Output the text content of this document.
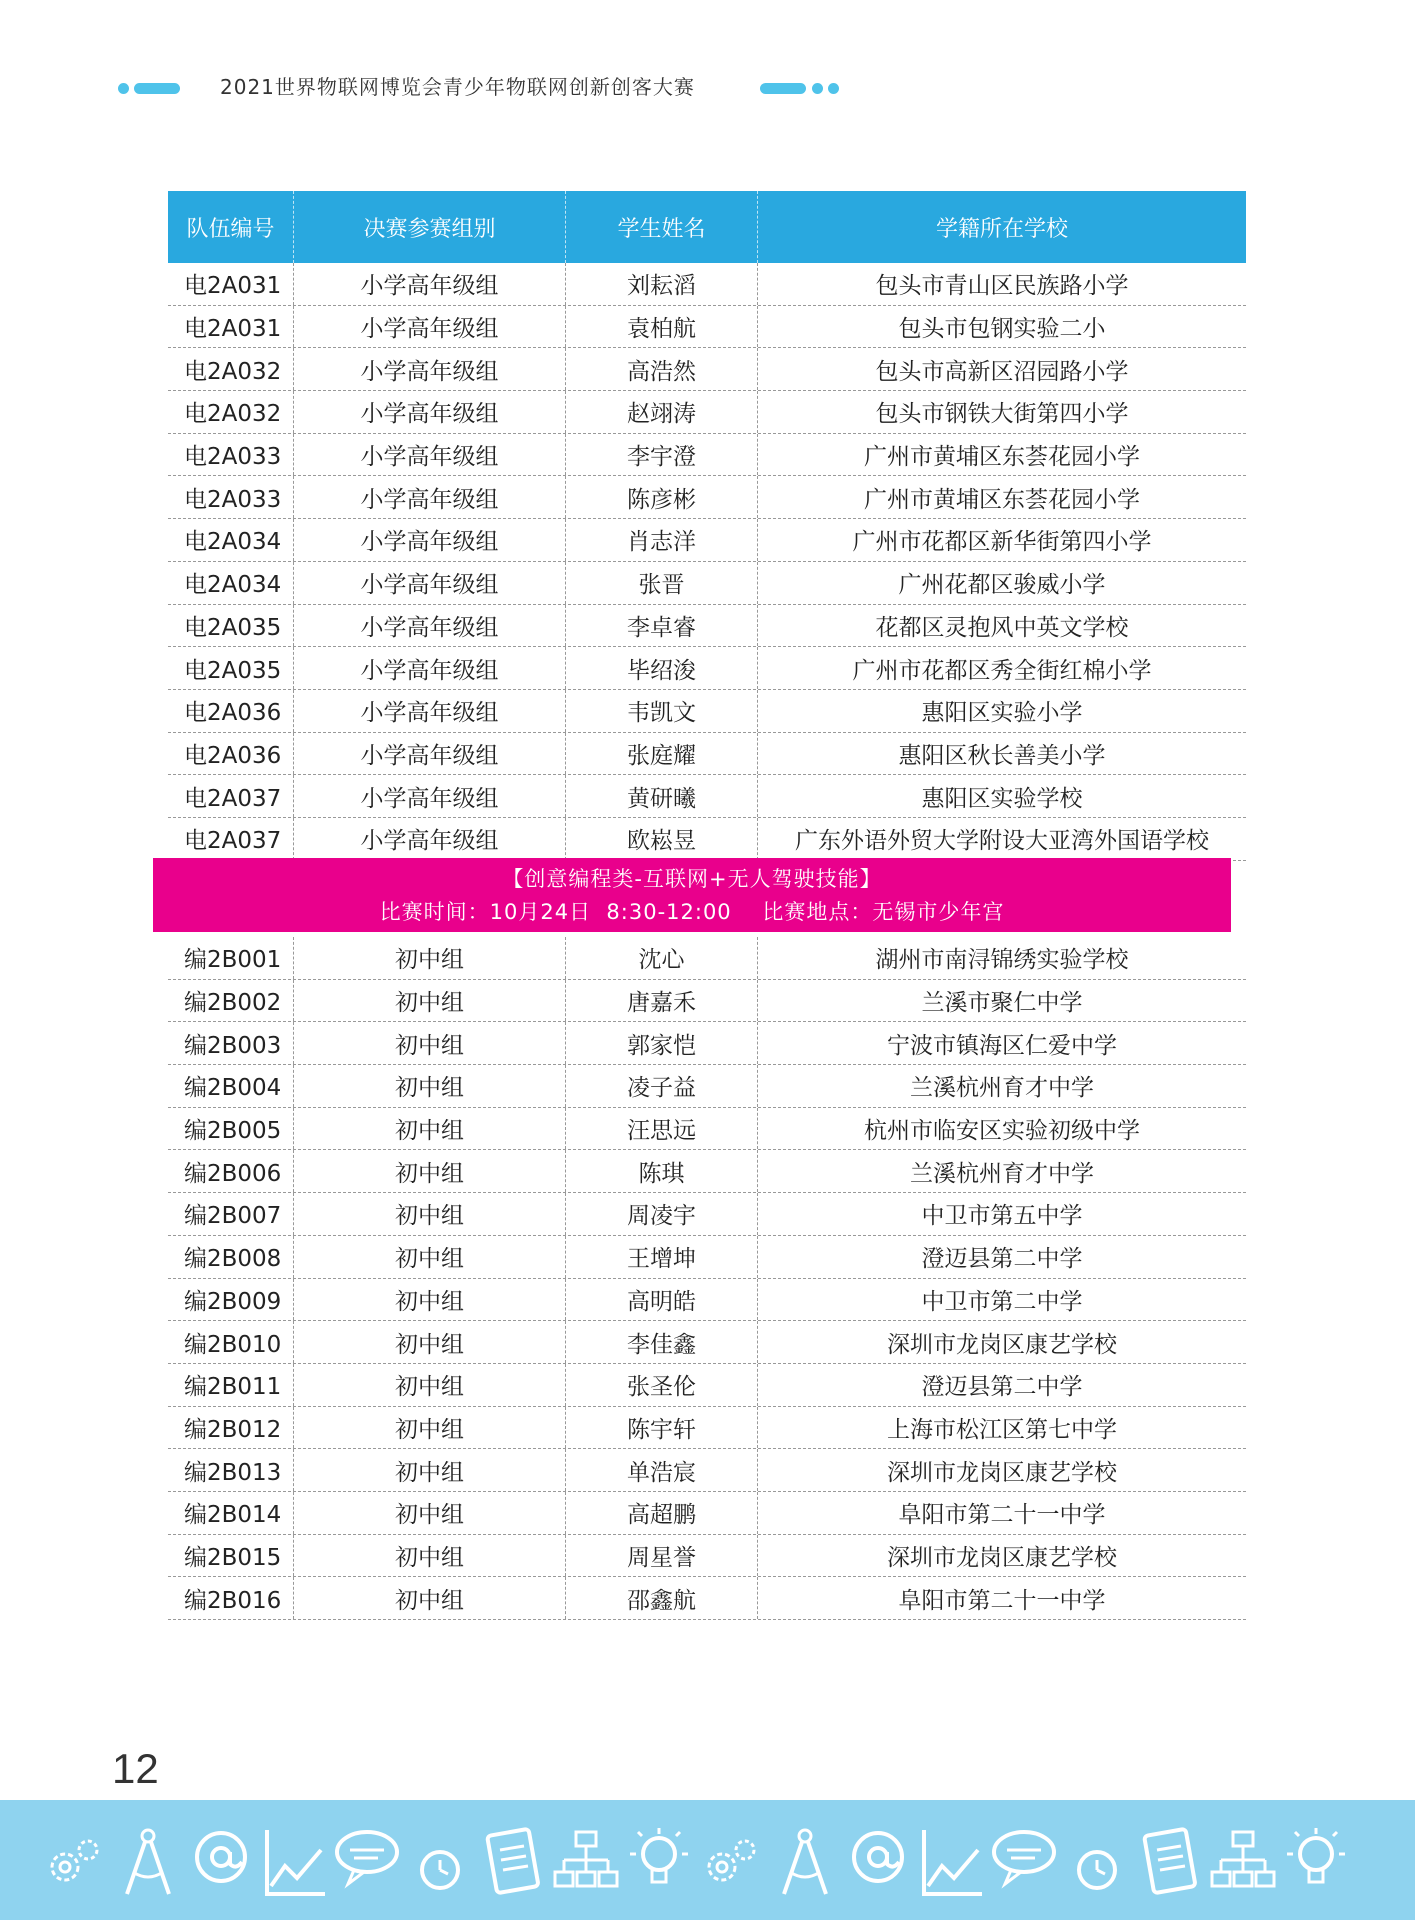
2021世界物联网博览会青少年物联网创新创客大赛
队伍编号	决赛参赛组别	学生姓名	学籍所在学校
电2A031	小学高年级组	刘耘滔	包头市青山区民族路小学
电2A031	小学高年级组	袁柏航	包头市包钢实验二小
电2A032	小学高年级组	高浩然	包头市高新区沼园路小学
电2A032	小学高年级组	赵翊涛	包头市钢铁大街第四小学
电2A033	小学高年级组	李宇澄	广州市黄埔区东荟花园小学
电2A033	小学高年级组	陈彦彬	广州市黄埔区东荟花园小学
电2A034	小学高年级组	肖志洋	广州市花都区新华街第四小学
电2A034	小学高年级组	张晋	广州花都区骏威小学
电2A035	小学高年级组	李卓睿	花都区灵抱风中英文学校
电2A035	小学高年级组	毕绍浚	广州市花都区秀全街红棉小学
电2A036	小学高年级组	韦凯文	惠阳区实验小学
电2A036	小学高年级组	张庭耀	惠阳区秋长善美小学
电2A037	小学高年级组	黄研曦	惠阳区实验学校
电2A037	小学高年级组	欧崧昱	广东外语外贸大学附设大亚湾外国语学校
【创意编程类-互联网+无人驾驶技能】
比赛时间：10月24日  8:30-12:00    比赛地点：无锡市少年宫
编2B001	初中组	沈心	湖州市南浔锦绣实验学校
编2B002	初中组	唐嘉禾	兰溪市聚仁中学
编2B003	初中组	郭家恺	宁波市镇海区仁爱中学
编2B004	初中组	凌子益	兰溪杭州育才中学
编2B005	初中组	汪思远	杭州市临安区实验初级中学
编2B006	初中组	陈琪	兰溪杭州育才中学
编2B007	初中组	周凌宇	中卫市第五中学
编2B008	初中组	王增坤	澄迈县第二中学
编2B009	初中组	高明皓	中卫市第二中学
编2B010	初中组	李佳鑫	深圳市龙岗区康艺学校
编2B011	初中组	张圣伦	澄迈县第二中学
编2B012	初中组	陈宇轩	上海市松江区第七中学
编2B013	初中组	单浩宸	深圳市龙岗区康艺学校
编2B014	初中组	高超鹏	阜阳市第二十一中学
编2B015	初中组	周星誉	深圳市龙岗区康艺学校
编2B016	初中组	邵鑫航	阜阳市第二十一中学
12
